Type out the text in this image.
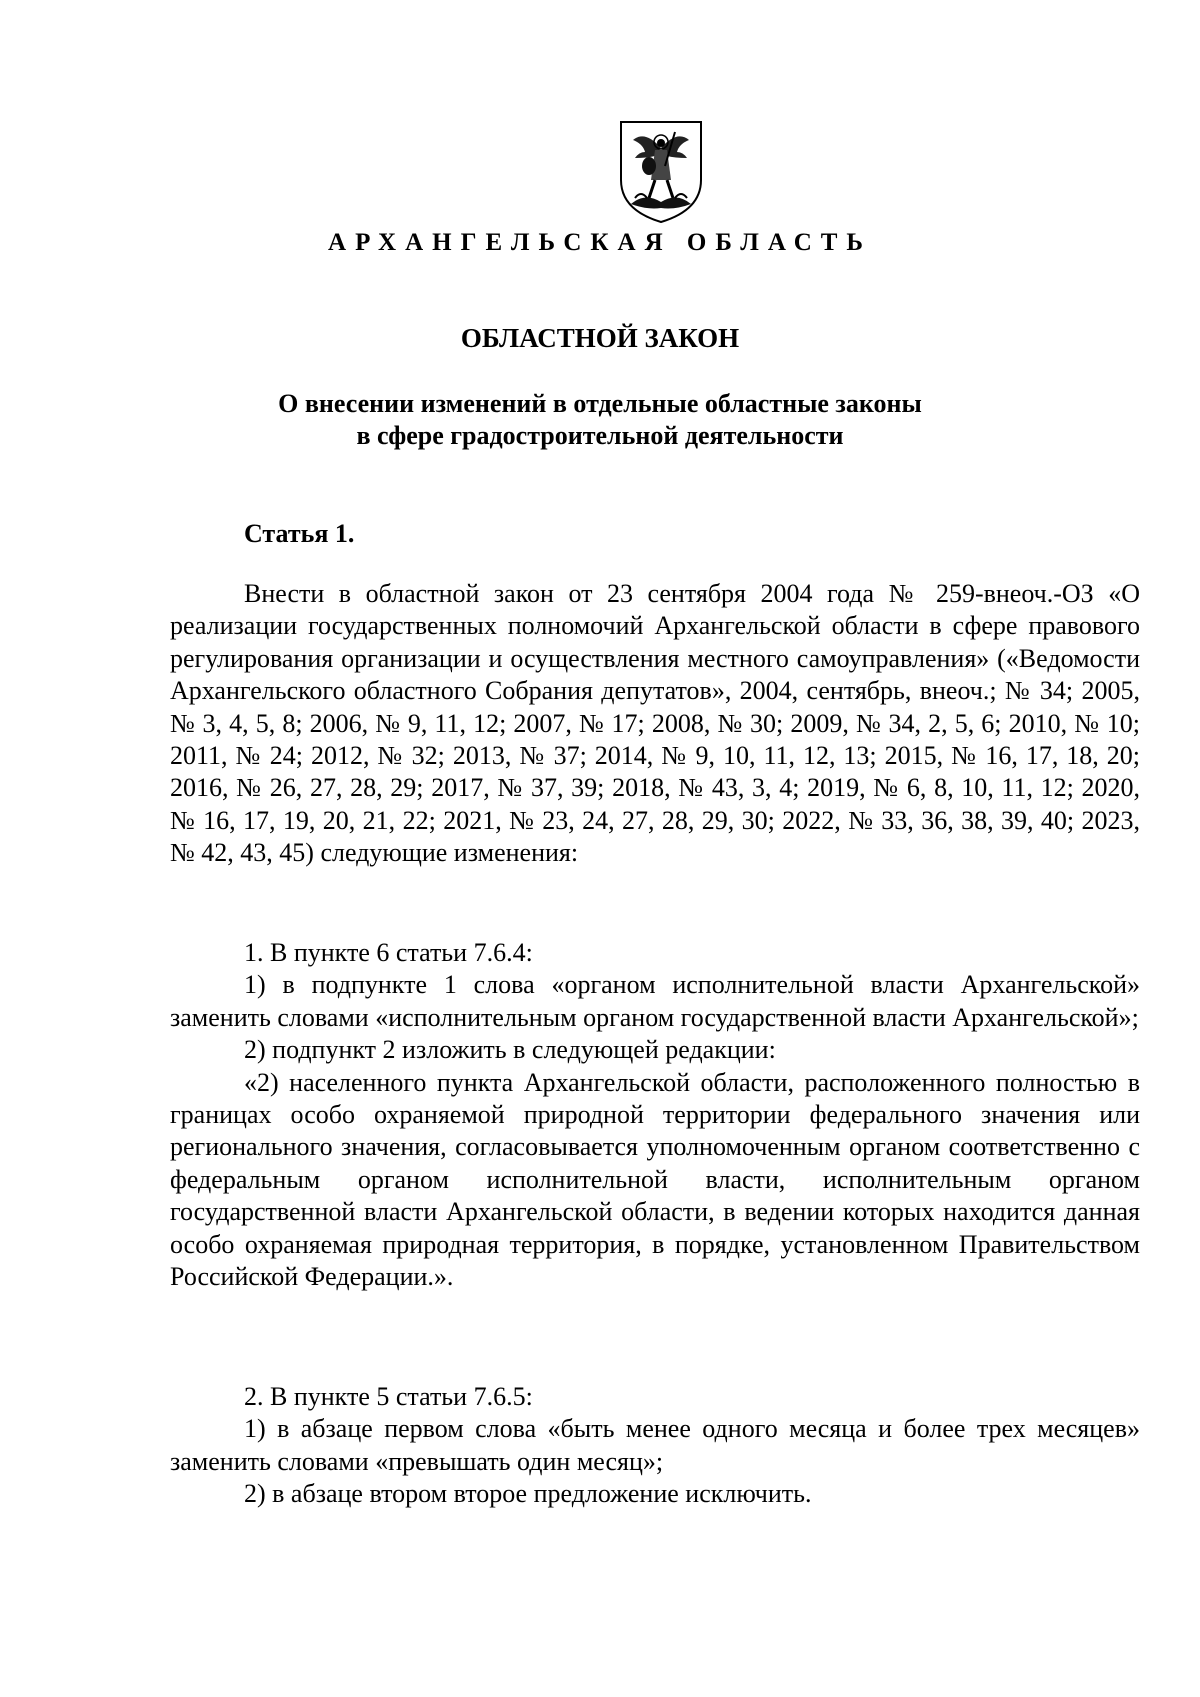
АРХАНГЕЛЬСКАЯ ОБЛАСТЬ
ОБЛАСТНОЙ ЗАКОН
О внесении изменений в отдельные областные законы
в сфере градостроительной деятельности
Статья 1.

Внести в областной закон от 23 сентября 2004 года № 259-внеоч.-ОЗ «О реализации государственных полномочий Архангельской области в сфере правового регулирования организации и осуществления местного самоуправления» («Ведомости Архангельского областного Собрания депутатов», 2004, сентябрь, внеоч.; № 34; 2005, № 3, 4, 5, 8; 2006, № 9, 11, 12; 2007, № 17; 2008, № 30; 2009, № 34, 2, 5, 6; 2010, № 10; 2011, № 24; 2012, № 32; 2013, № 37; 2014, № 9, 10, 11, 12, 13; 2015, № 16, 17, 18, 20; 2016, № 26, 27, 28, 29; 2017, № 37, 39; 2018, № 43, 3, 4; 2019, № 6, 8, 10, 11, 12; 2020, № 16, 17, 19, 20, 21, 22; 2021, № 23, 24, 27, 28, 29, 30; 2022, № 33, 36, 38, 39, 40; 2023, № 42, 43, 45) следующие изменения:

1. В пункте 6 статьи 7.6.4:

1) в подпункте 1 слова «органом исполнительной власти Архангельской» заменить словами «исполнительным органом государственной власти Архангельской»;

2) подпункт 2 изложить в следующей редакции:

«2) населенного пункта Архангельской области, расположенного полностью в границах особо охраняемой природной территории федерального значения или регионального значения, согласовывается уполномоченным органом соответственно с федеральным органом исполнительной власти, исполнительным органом государственной власти Архангельской области, в ведении которых находится данная особо охраняемая природная территория, в порядке, установленном Правительством Российской Федерации.».

2. В пункте 5 статьи 7.6.5:

1) в абзаце первом слова «быть менее одного месяца и более трех месяцев» заменить словами «превышать один месяц»;

2) в абзаце втором второе предложение исключить.
